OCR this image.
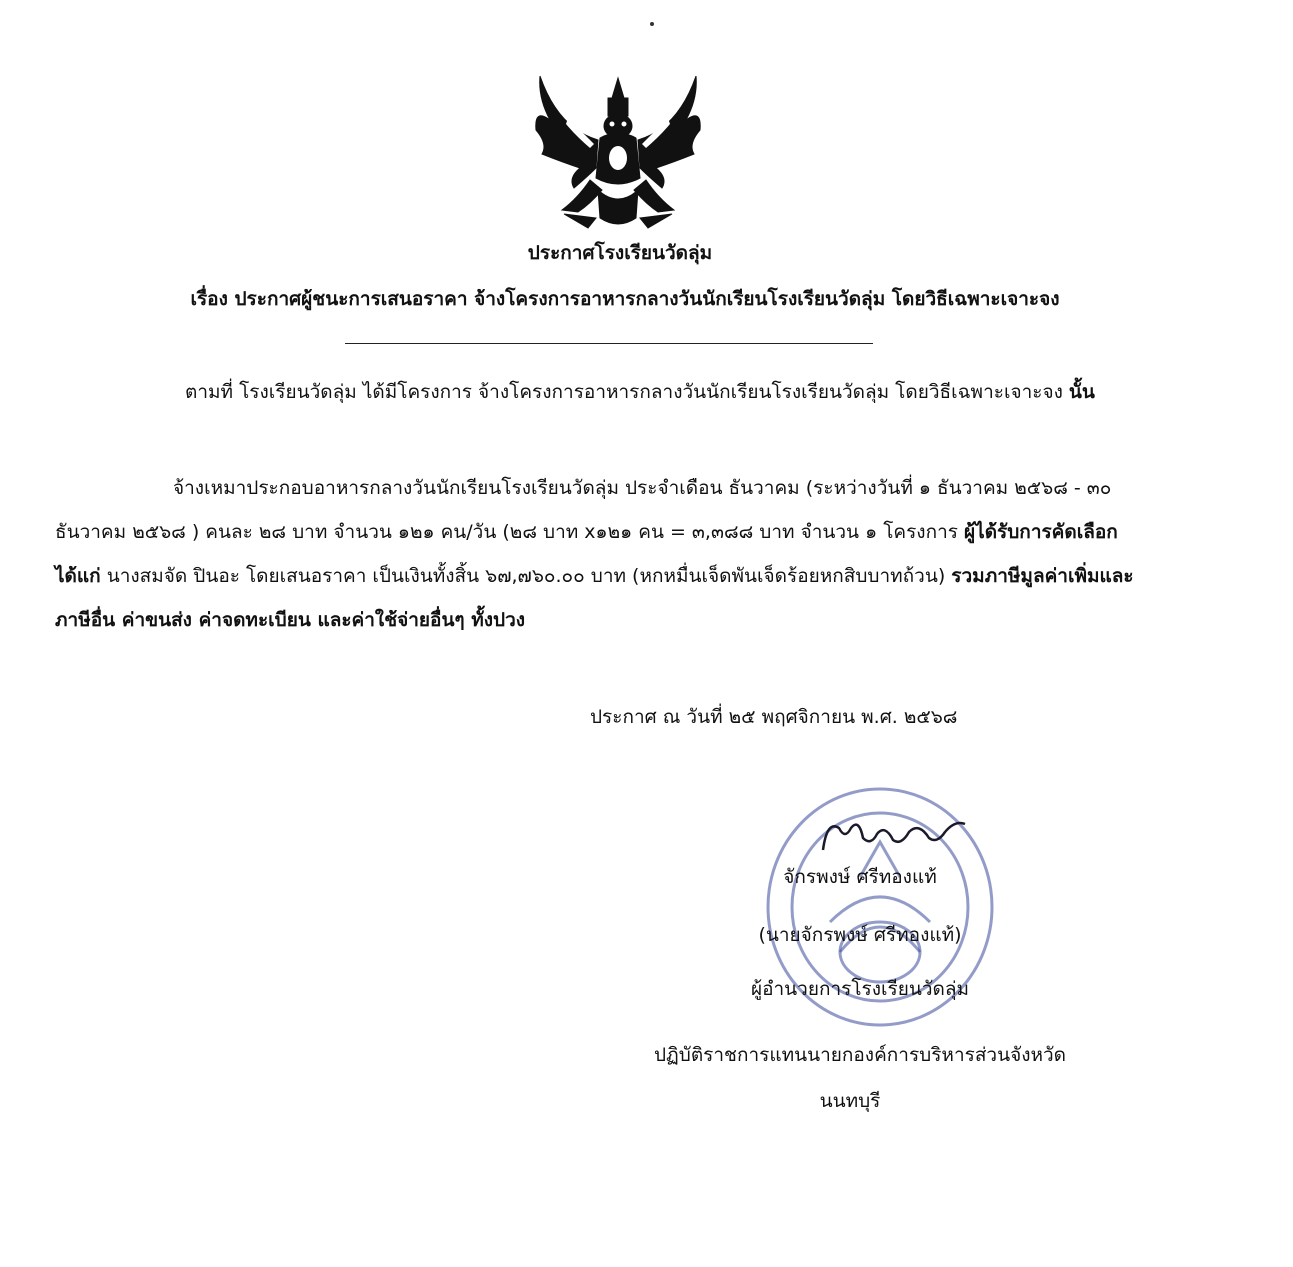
ประกาศโรงเรียนวัดลุ่ม
เรื่อง ประกาศผู้ชนะการเสนอราคา จ้างโครงการอาหารกลางวันนักเรียนโรงเรียนวัดลุ่ม โดยวิธีเฉพาะเจาะจง
ตามที่ โรงเรียนวัดลุ่ม ได้มีโครงการ จ้างโครงการอาหารกลางวันนักเรียนโรงเรียนวัดลุ่ม โดยวิธีเฉพาะเจาะจง นั้น
จ้างเหมาประกอบอาหารกลางวันนักเรียนโรงเรียนวัดลุ่ม ประจำเดือน ธันวาคม (ระหว่างวันที่ ๑ ธันวาคม ๒๕๖๘ - ๓๐ ธันวาคม ๒๕๖๘ ) คนละ ๒๘ บาท จำนวน ๑๒๑ คน/วัน (๒๘ บาท x๑๒๑ คน = ๓,๓๘๘ บาท จำนวน ๑ โครงการ ผู้ได้รับการคัดเลือก ได้แก่ นางสมจัด ปินอะ โดยเสนอราคา เป็นเงินทั้งสิ้น ๖๗,๗๖๐.๐๐ บาท (หกหมื่นเจ็ดพันเจ็ดร้อยหกสิบบาทถ้วน) รวมภาษีมูลค่าเพิ่มและภาษีอื่น ค่าขนส่ง ค่าจดทะเบียน และค่าใช้จ่ายอื่นๆ ทั้งปวง
ประกาศ ณ วันที่ ๒๕ พฤศจิกายน พ.ศ. ๒๕๖๘
จักรพงษ์ ศรีทองแท้
(นายจักรพงษ์ ศรีทองแท้)
ผู้อำนวยการโรงเรียนวัดลุ่ม
ปฏิบัติราชการแทนนายกองค์การบริหารส่วนจังหวัด
นนทบุรี
